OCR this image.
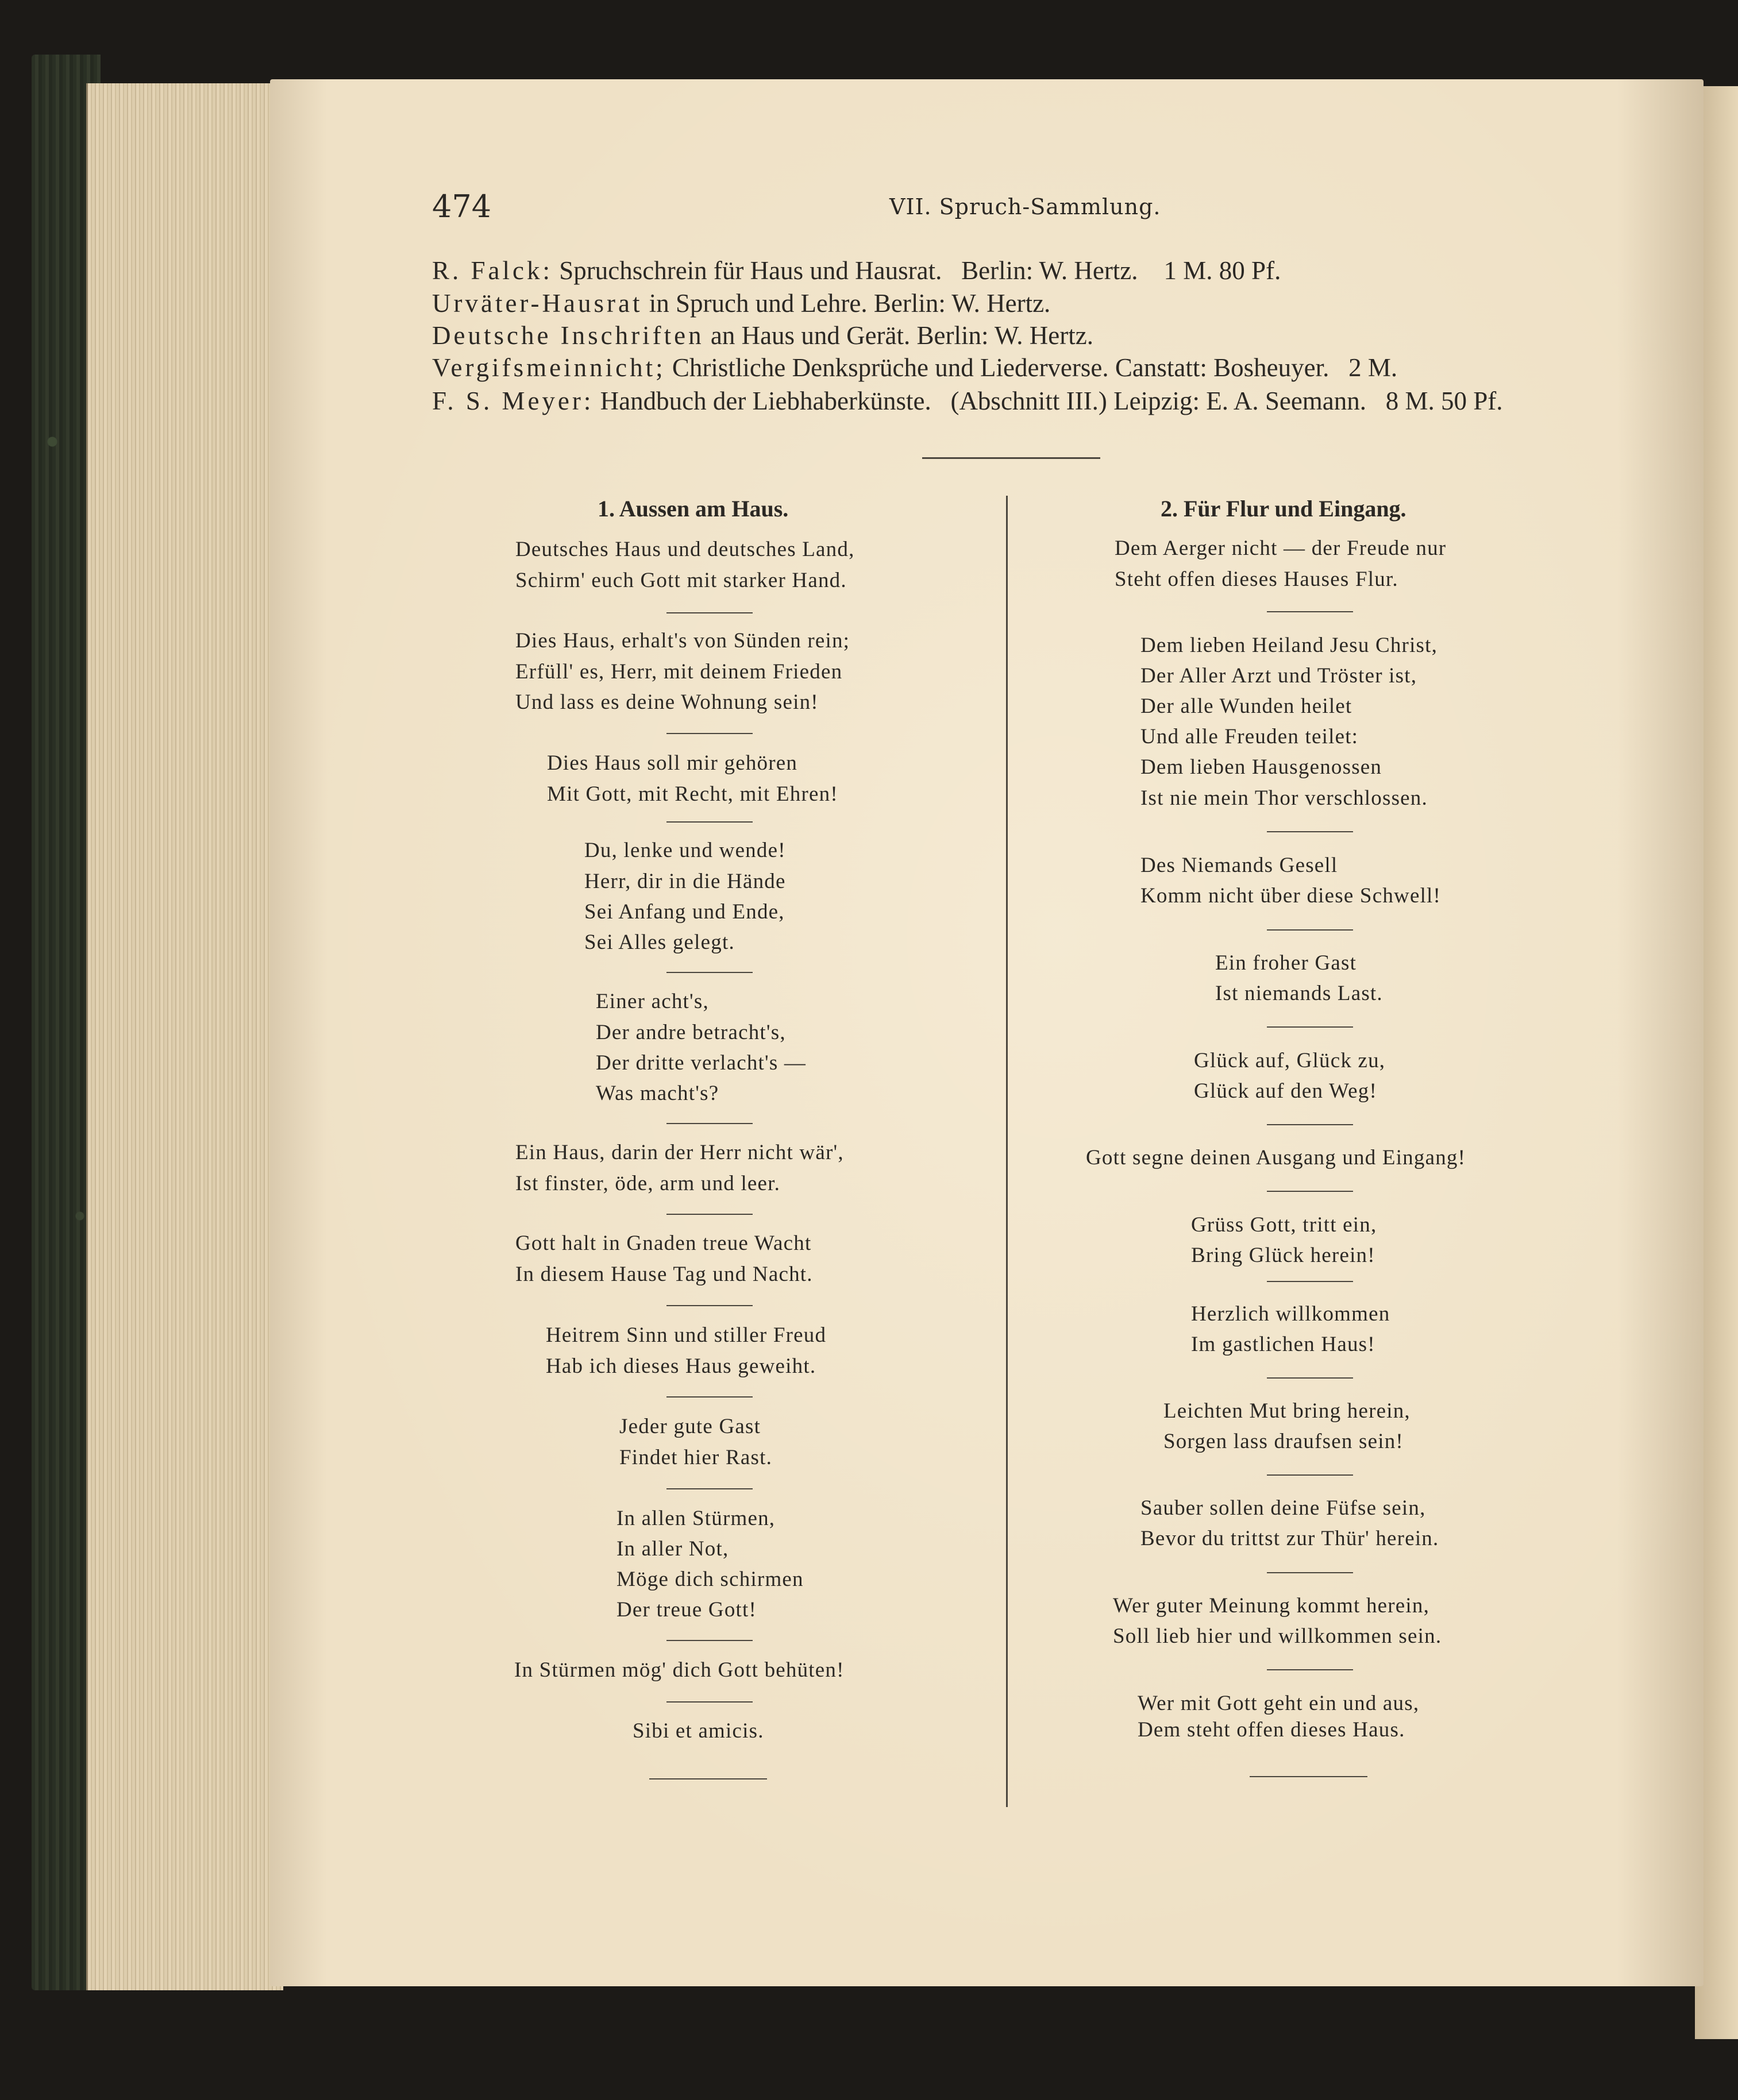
474	VII. Spruch-Sammlung.
R. Falck: Spruchschrein für Haus und Hausrat. Berlin: W. Hertz. 1 M. 80 Pf.
Urväter-Hausrat in Spruch und Lehre. Berlin: W. Hertz.
Deutsche Inschriften an Haus und Gerät. Berlin: W. Hertz.
Vergifsmeinnicht; Christliche Denksprüche und Liederverse. Canstatt: Bosheuyer. 2 M.
F. S. Meyer: Handbuch der Liebhaberkünste. (Abschnitt III.) Leipzig: E. A. Seemann. 8 M. 50 Pf.
1. Aussen am Haus.
Deutsches Haus und deutsches Land,
Schirm' euch Gott mit starker Hand.
Dies Haus, erhalt's von Sünden rein;
Erfüll' es, Herr, mit deinem Frieden
Und lass es deine Wohnung sein!
Dies Haus soll mir gehören
Mit Gott, mit Recht, mit Ehren!
Du, lenke und wende!
Herr, dir in die Hände
Sei Anfang und Ende,
Sei Alles gelegt.
Einer acht's,
Der andre betracht's,
Der dritte verlacht's —
Was macht's?
Ein Haus, darin der Herr nicht wär',
Ist finster, öde, arm und leer.
Gott halt in Gnaden treue Wacht
In diesem Hause Tag und Nacht.
Heitrem Sinn und stiller Freud
Hab ich dieses Haus geweiht.
Jeder gute Gast
Findet hier Rast.
In allen Stürmen,
In aller Not,
Möge dich schirmen
Der treue Gott!
In Stürmen mög' dich Gott behüten!
Sibi et amicis.
2. Für Flur und Eingang.
Dem Aerger nicht — der Freude nur
Steht offen dieses Hauses Flur.
Dem lieben Heiland Jesu Christ,
Der Aller Arzt und Tröster ist,
Der alle Wunden heilet
Und alle Freuden teilet:
Dem lieben Hausgenossen
Ist nie mein Thor verschlossen.
Des Niemands Gesell
Komm nicht über diese Schwell!
Ein froher Gast
Ist niemands Last.
Glück auf, Glück zu,
Glück auf den Weg!
Gott segne deinen Ausgang und Eingang!
Grüss Gott, tritt ein,
Bring Glück herein!
Herzlich willkommen
Im gastlichen Haus!
Leichten Mut bring herein,
Sorgen lass draufsen sein!
Sauber sollen deine Füfse sein,
Bevor du trittst zur Thür' herein.
Wer guter Meinung kommt herein,
Soll lieb hier und willkommen sein.
Wer mit Gott geht ein und aus,
Dem steht offen dieses Haus.
